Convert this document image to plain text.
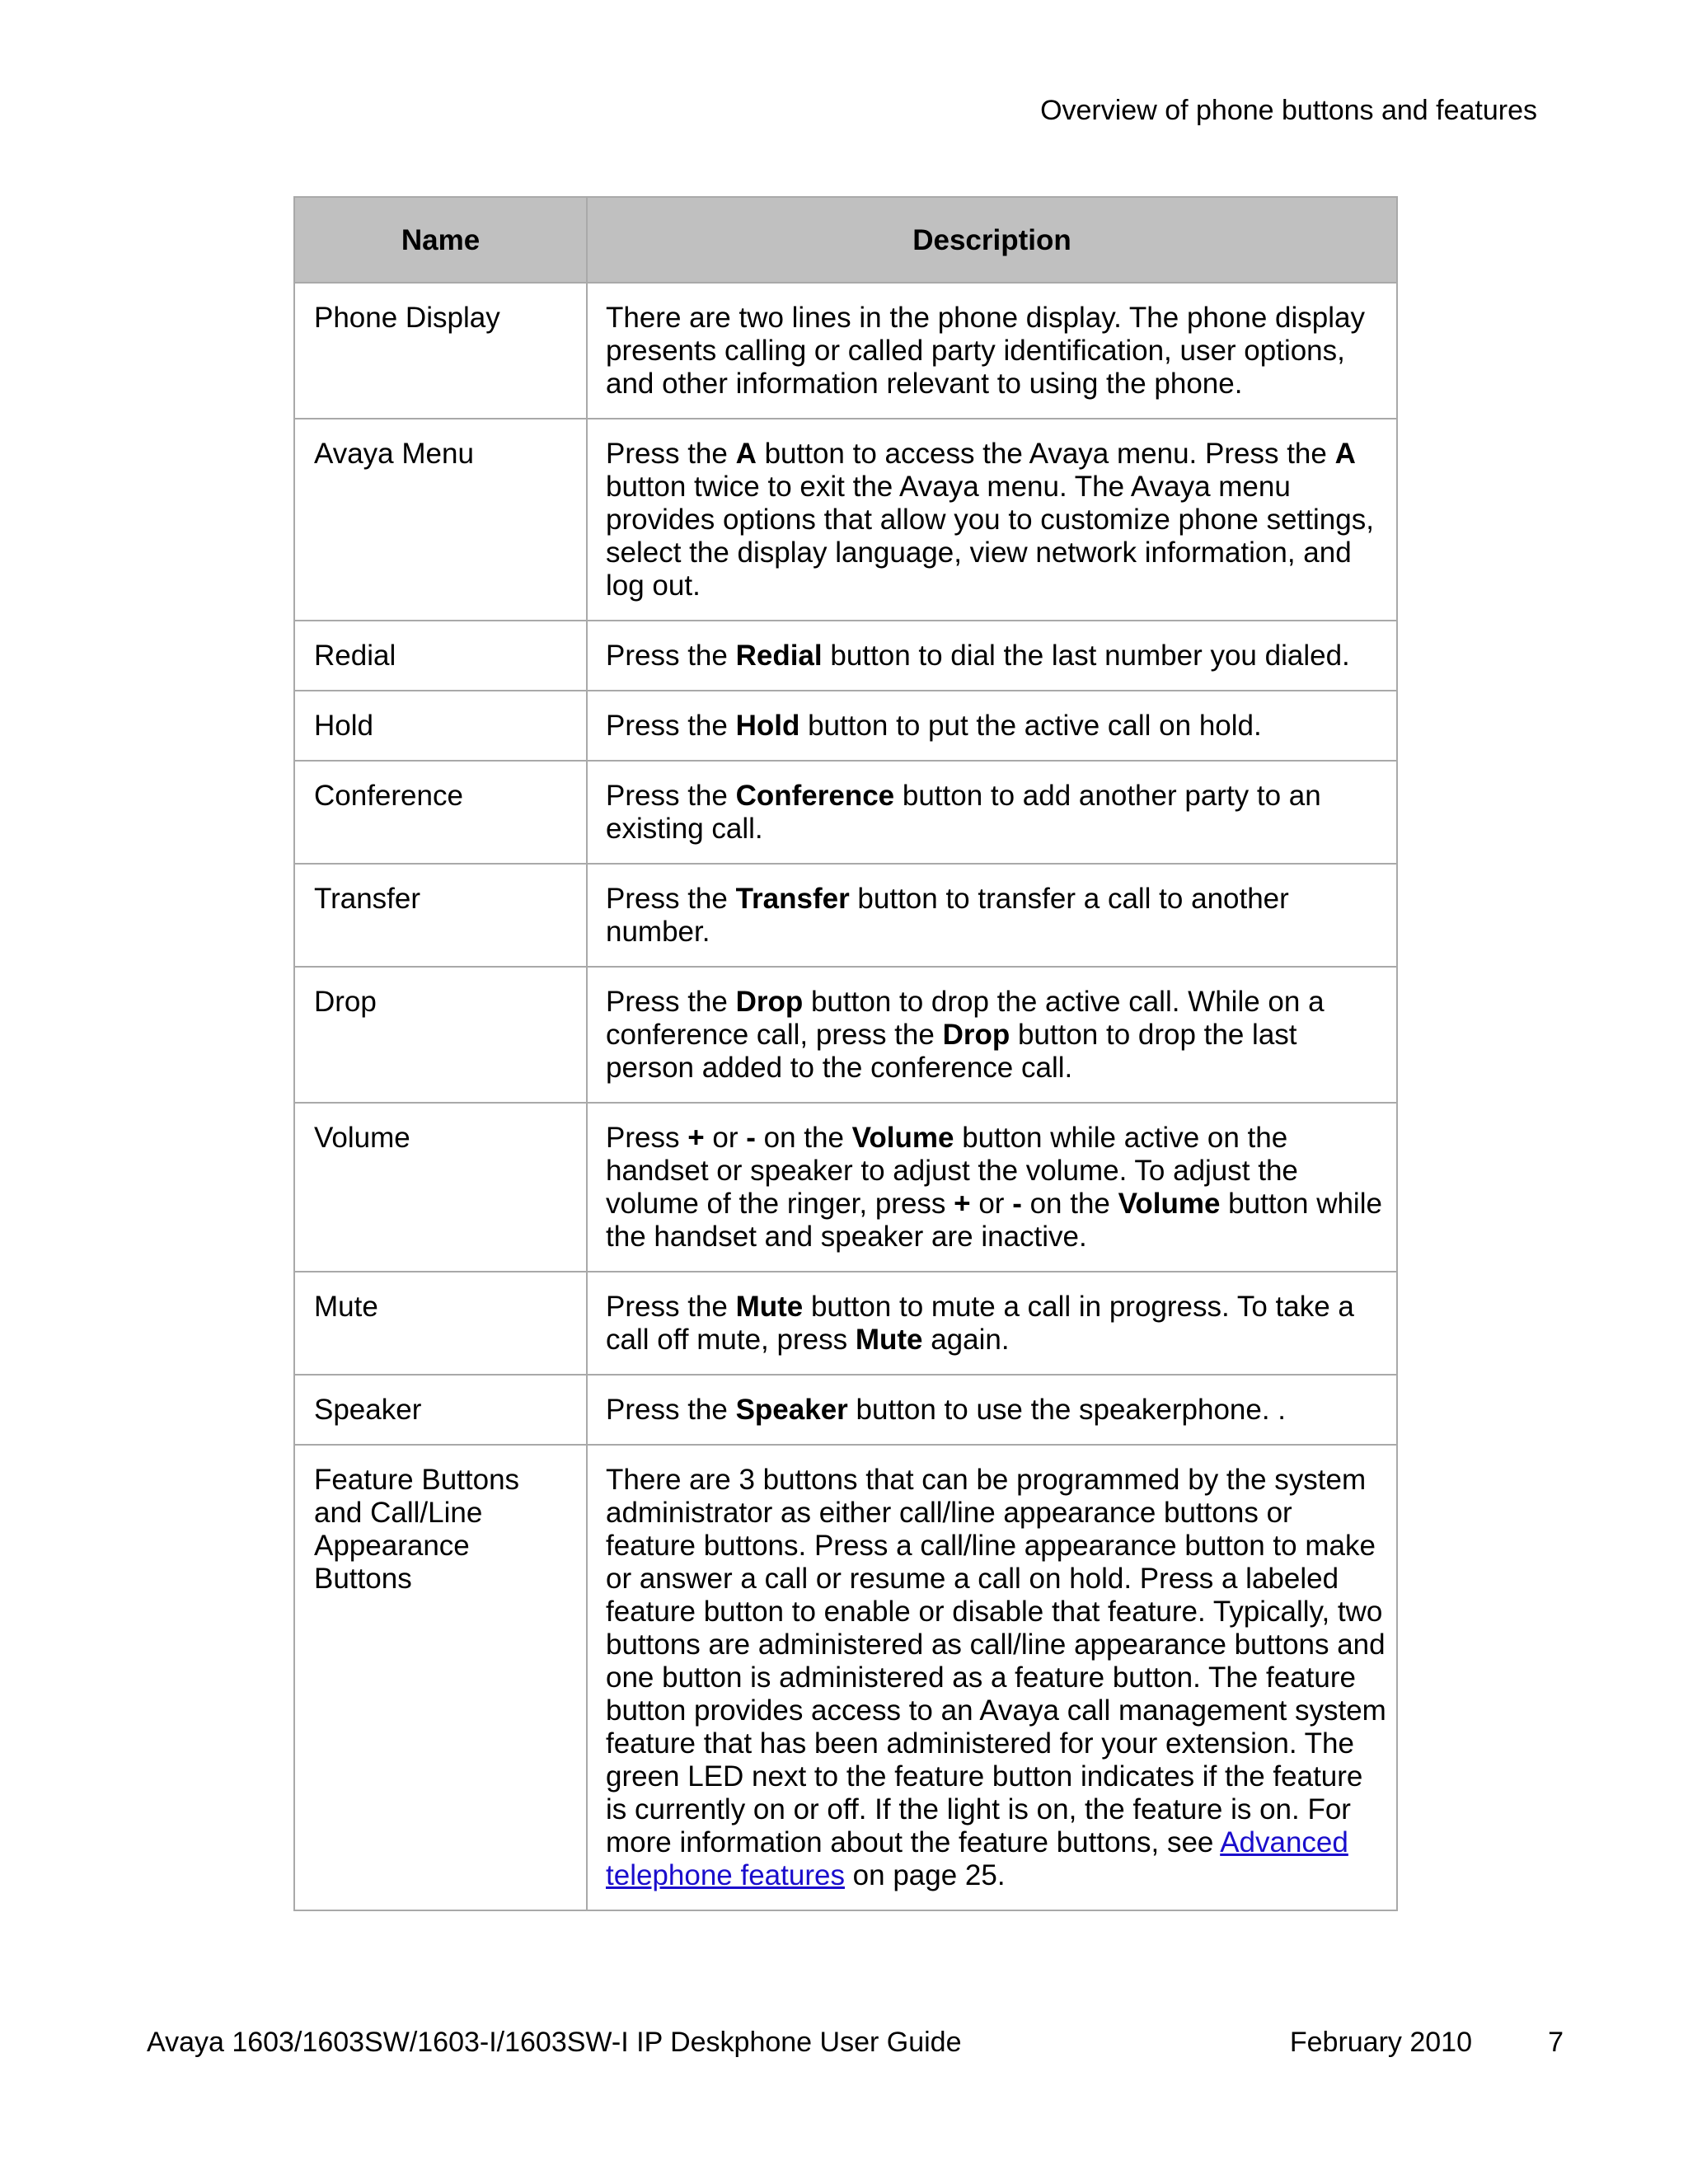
Overview of phone buttons and features
Name	Description
Phone Display	There are two lines in the phone display. The phone display presents calling or called party identification, user options, and other information relevant to using the phone.
Avaya Menu	Press the A button to access the Avaya menu. Press the A button twice to exit the Avaya menu. The Avaya menu provides options that allow you to customize phone settings, select the display language, view network information, and log out.
Redial	Press the Redial button to dial the last number you dialed.
Hold	Press the Hold button to put the active call on hold.
Conference	Press the Conference button to add another party to an existing call.
Transfer	Press the Transfer button to transfer a call to another number.
Drop	Press the Drop button to drop the active call. While on a conference call, press the Drop button to drop the last person added to the conference call.
Volume	Press + or - on the Volume button while active on the handset or speaker to adjust the volume. To adjust the volume of the ringer, press + or - on the Volume button while the handset and speaker are inactive.
Mute	Press the Mute button to mute a call in progress. To take a call off mute, press Mute again.
Speaker	Press the Speaker button to use the speakerphone. .
Feature Buttons and Call/Line Appearance Buttons	There are 3 buttons that can be programmed by the system administrator as either call/line appearance buttons or feature buttons. Press a call/line appearance button to make or answer a call or resume a call on hold. Press a labeled feature button to enable or disable that feature. Typically, two buttons are administered as call/line appearance buttons and one button is administered as a feature button. The feature button provides access to an Avaya call management system feature that has been administered for your extension. The green LED next to the feature button indicates if the feature is currently on or off. If the light is on, the feature is on. For more information about the feature buttons, see Advanced telephone features on page 25.
Avaya 1603/1603SW/1603-I/1603SW-I IP Deskphone User Guide	February 2010	7
